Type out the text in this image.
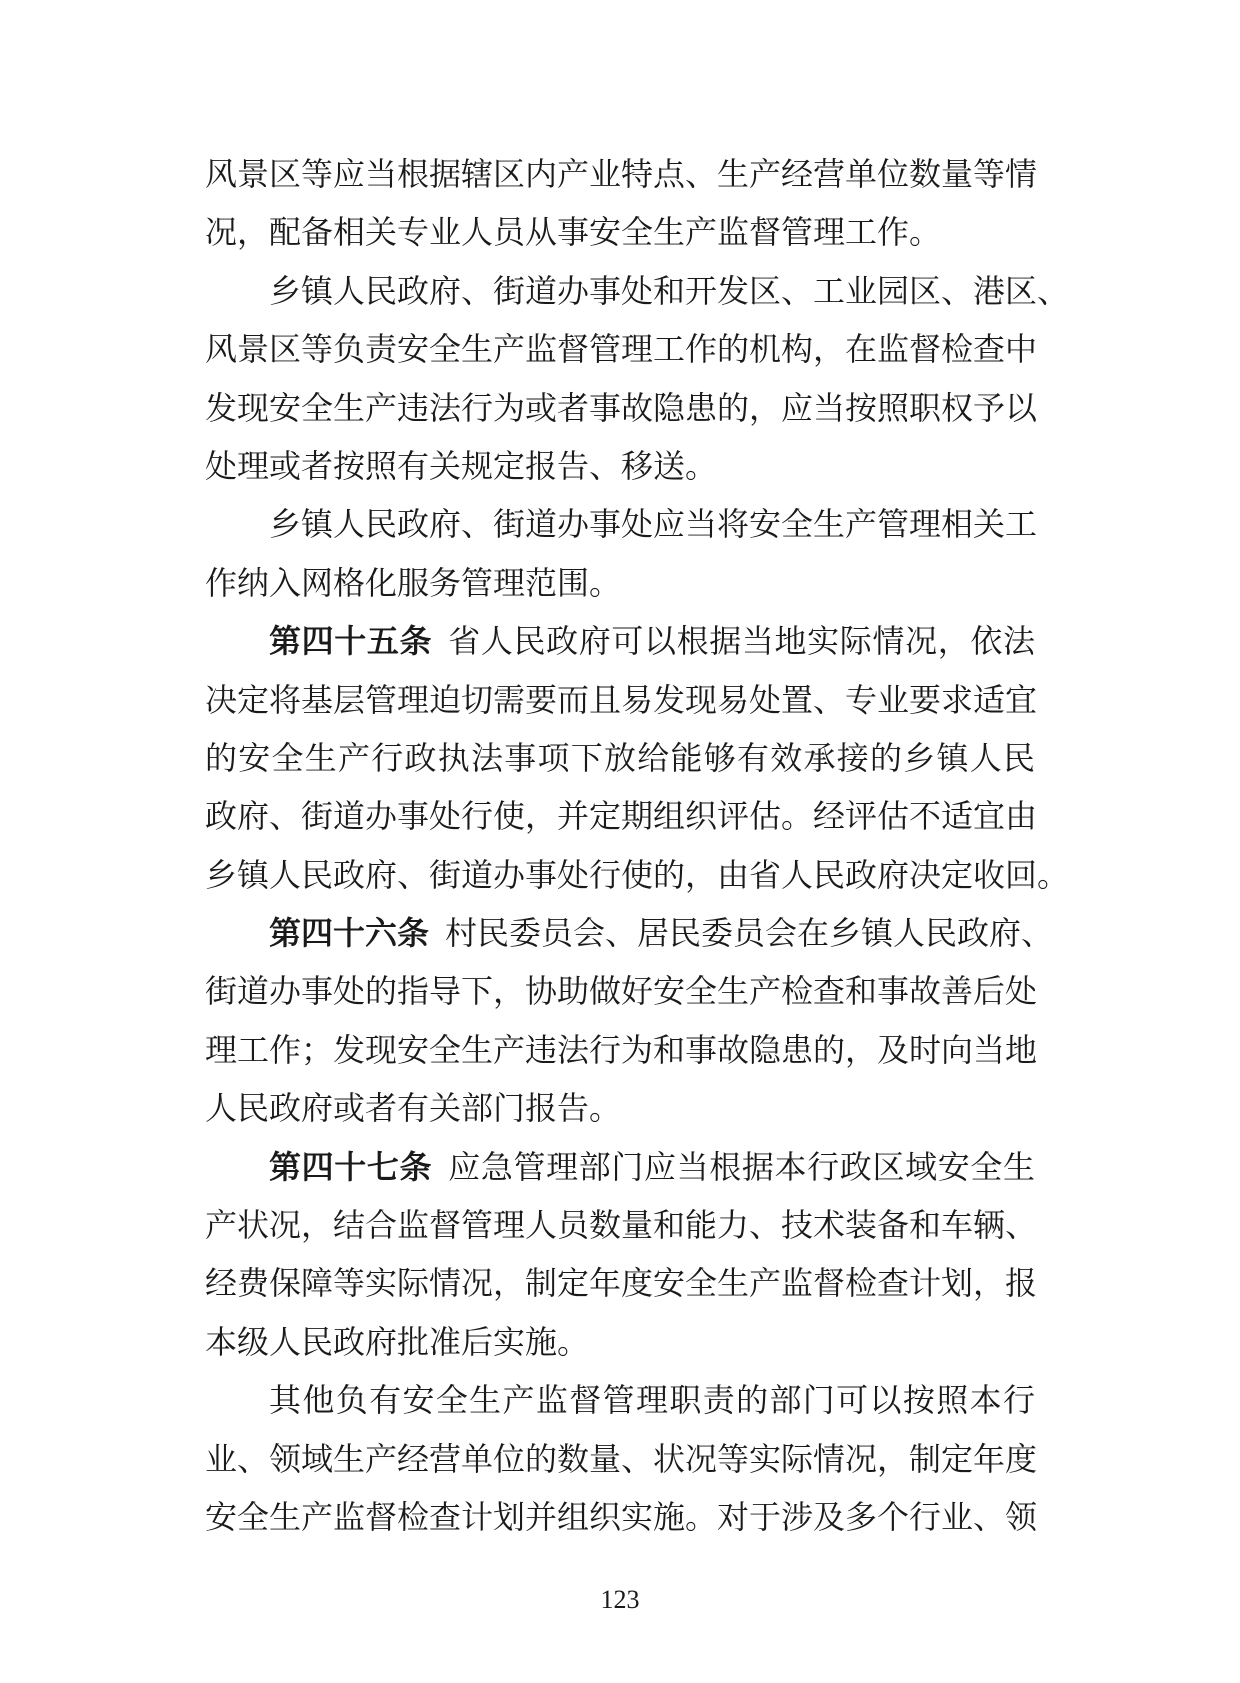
风景区等应当根据辖区内产业特点、生产经营单位数量等情
况，配备相关专业人员从事安全生产监督管理工作。
乡镇人民政府、街道办事处和开发区、工业园区、港区、
风景区等负责安全生产监督管理工作的机构，在监督检查中
发现安全生产违法行为或者事故隐患的，应当按照职权予以
处理或者按照有关规定报告、移送。
乡镇人民政府、街道办事处应当将安全生产管理相关工
作纳入网格化服务管理范围。
第四十五条 省人民政府可以根据当地实际情况，依法
决定将基层管理迫切需要而且易发现易处置、专业要求适宜
的安全生产行政执法事项下放给能够有效承接的乡镇人民
政府、街道办事处行使，并定期组织评估。经评估不适宜由
乡镇人民政府、街道办事处行使的，由省人民政府决定收回。
第四十六条 村民委员会、居民委员会在乡镇人民政府、
街道办事处的指导下，协助做好安全生产检查和事故善后处
理工作；发现安全生产违法行为和事故隐患的，及时向当地
人民政府或者有关部门报告。
第四十七条 应急管理部门应当根据本行政区域安全生
产状况，结合监督管理人员数量和能力、技术装备和车辆、
经费保障等实际情况，制定年度安全生产监督检查计划，报
本级人民政府批准后实施。
其他负有安全生产监督管理职责的部门可以按照本行
业、领域生产经营单位的数量、状况等实际情况，制定年度
安全生产监督检查计划并组织实施。对于涉及多个行业、领
123
